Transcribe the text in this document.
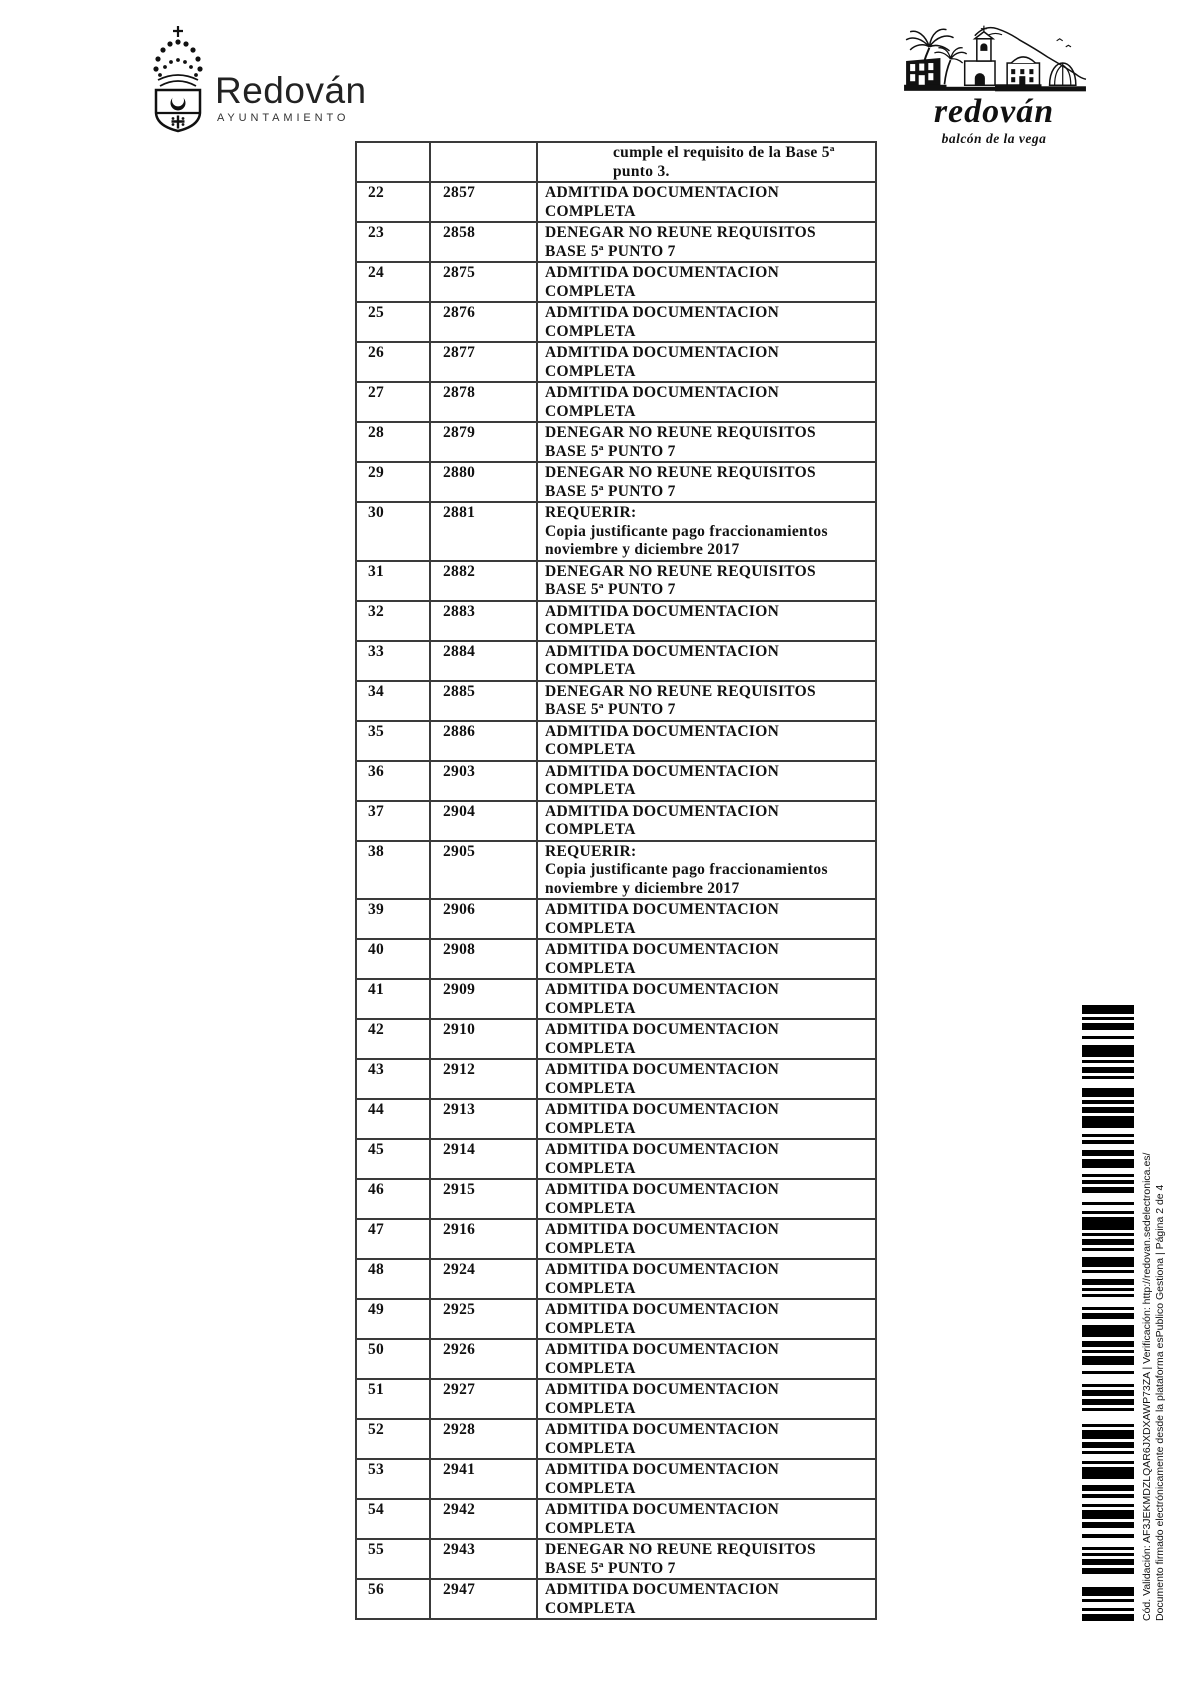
Redován
AYUNTAMIENTO	redován
balcón de la vega

		cumple el requisito de la Base 5ª
punto 3.

22	2857	ADMITIDA DOCUMENTACION
COMPLETA

23	2858	DENEGAR NO REUNE REQUISITOS
BASE 5ª PUNTO 7

24	2875	ADMITIDA DOCUMENTACION
COMPLETA

25	2876	ADMITIDA DOCUMENTACION
COMPLETA

26	2877	ADMITIDA DOCUMENTACION
COMPLETA

27	2878	ADMITIDA DOCUMENTACION
COMPLETA

28	2879	DENEGAR NO REUNE REQUISITOS
BASE 5ª PUNTO 7

29	2880	DENEGAR NO REUNE REQUISITOS
BASE 5ª PUNTO 7

30	2881	REQUERIR:
Copia justificante pago fraccionamientos
noviembre y diciembre 2017

31	2882	DENEGAR NO REUNE REQUISITOS
BASE 5ª PUNTO 7

32	2883	ADMITIDA DOCUMENTACION
COMPLETA

33	2884	ADMITIDA DOCUMENTACION
COMPLETA

34	2885	DENEGAR NO REUNE REQUISITOS
BASE 5ª PUNTO 7

35	2886	ADMITIDA DOCUMENTACION
COMPLETA

36	2903	ADMITIDA DOCUMENTACION
COMPLETA

37	2904	ADMITIDA DOCUMENTACION
COMPLETA

38	2905	REQUERIR:
Copia justificante pago fraccionamientos
noviembre y diciembre 2017

39	2906	ADMITIDA DOCUMENTACION
COMPLETA

40	2908	ADMITIDA DOCUMENTACION
COMPLETA

41	2909	ADMITIDA DOCUMENTACION
COMPLETA

42	2910	ADMITIDA DOCUMENTACION
COMPLETA

43	2912	ADMITIDA DOCUMENTACION
COMPLETA

44	2913	ADMITIDA DOCUMENTACION
COMPLETA

45	2914	ADMITIDA DOCUMENTACION
COMPLETA

46	2915	ADMITIDA DOCUMENTACION
COMPLETA

47	2916	ADMITIDA DOCUMENTACION
COMPLETA

48	2924	ADMITIDA DOCUMENTACION
COMPLETA

49	2925	ADMITIDA DOCUMENTACION
COMPLETA

50	2926	ADMITIDA DOCUMENTACION
COMPLETA

51	2927	ADMITIDA DOCUMENTACION
COMPLETA

52	2928	ADMITIDA DOCUMENTACION
COMPLETA

53	2941	ADMITIDA DOCUMENTACION
COMPLETA

54	2942	ADMITIDA DOCUMENTACION
COMPLETA

55	2943	DENEGAR NO REUNE REQUISITOS
BASE 5ª PUNTO 7

56	2947	ADMITIDA DOCUMENTACION
COMPLETA	Cód. Validación: AF3JEKMDZLQAR6JXDXAWP73ZA | Verificación: http://redovan.sedelectronica.es/ Documento firmado electrónicamente desde la plataforma esPublico Gestiona | Página 2 de 4
